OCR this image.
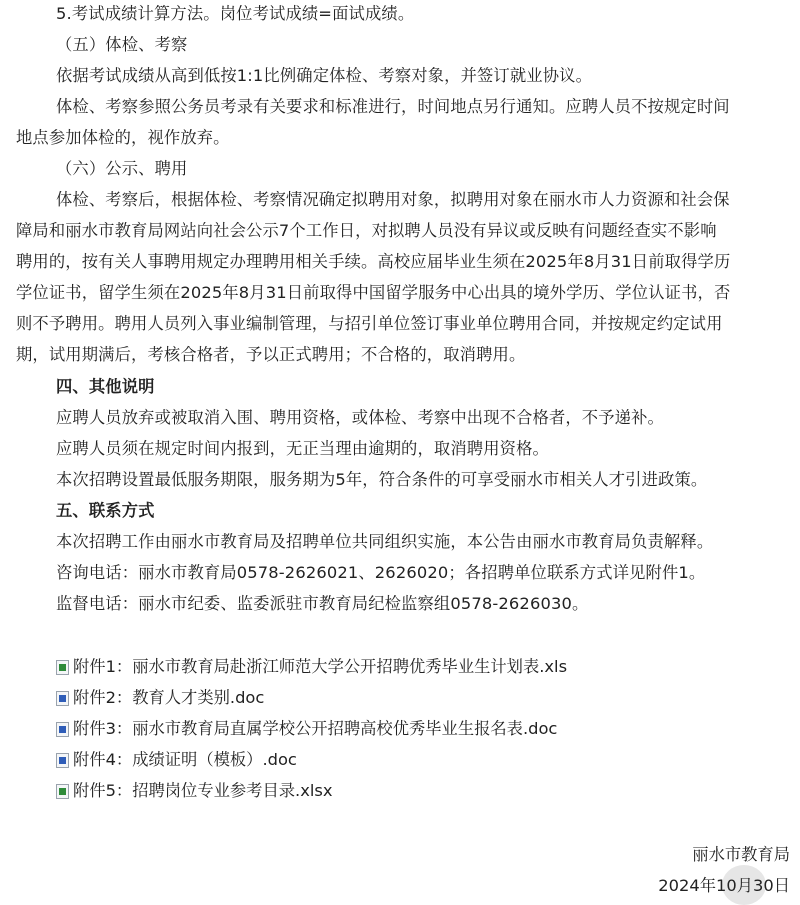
5.考试成绩计算方法。岗位考试成绩=面试成绩。
（五）体检、考察
依据考试成绩从高到低按1:1比例确定体检、考察对象，并签订就业协议。
体检、考察参照公务员考录有关要求和标准进行，时间地点另行通知。应聘人员不按规定时间
地点参加体检的，视作放弃。
（六）公示、聘用
体检、考察后，根据体检、考察情况确定拟聘用对象，拟聘用对象在丽水市人力资源和社会保
障局和丽水市教育局网站向社会公示7个工作日，对拟聘人员没有异议或反映有问题经查实不影响
聘用的，按有关人事聘用规定办理聘用相关手续。高校应届毕业生须在2025年8月31日前取得学历
学位证书，留学生须在2025年8月31日前取得中国留学服务中心出具的境外学历、学位认证书，否
则不予聘用。聘用人员列入事业编制管理，与招引单位签订事业单位聘用合同，并按规定约定试用
期，试用期满后，考核合格者，予以正式聘用；不合格的，取消聘用。
四、其他说明
应聘人员放弃或被取消入围、聘用资格，或体检、考察中出现不合格者，不予递补。
应聘人员须在规定时间内报到，无正当理由逾期的，取消聘用资格。
本次招聘设置最低服务期限，服务期为5年，符合条件的可享受丽水市相关人才引进政策。
五、联系方式
本次招聘工作由丽水市教育局及招聘单位共同组织实施，本公告由丽水市教育局负责解释。
咨询电话：丽水市教育局0578-2626021、2626020；各招聘单位联系方式详见附件1。
监督电话：丽水市纪委、监委派驻市教育局纪检监察组0578-2626030。
附件1：丽水市教育局赴浙江师范大学公开招聘优秀毕业生计划表.xls
附件2：教育人才类别.doc
附件3：丽水市教育局直属学校公开招聘高校优秀毕业生报名表.doc
附件4：成绩证明（模板）.doc
附件5：招聘岗位专业参考目录.xlsx
丽水市教育局
2024年10月30日
